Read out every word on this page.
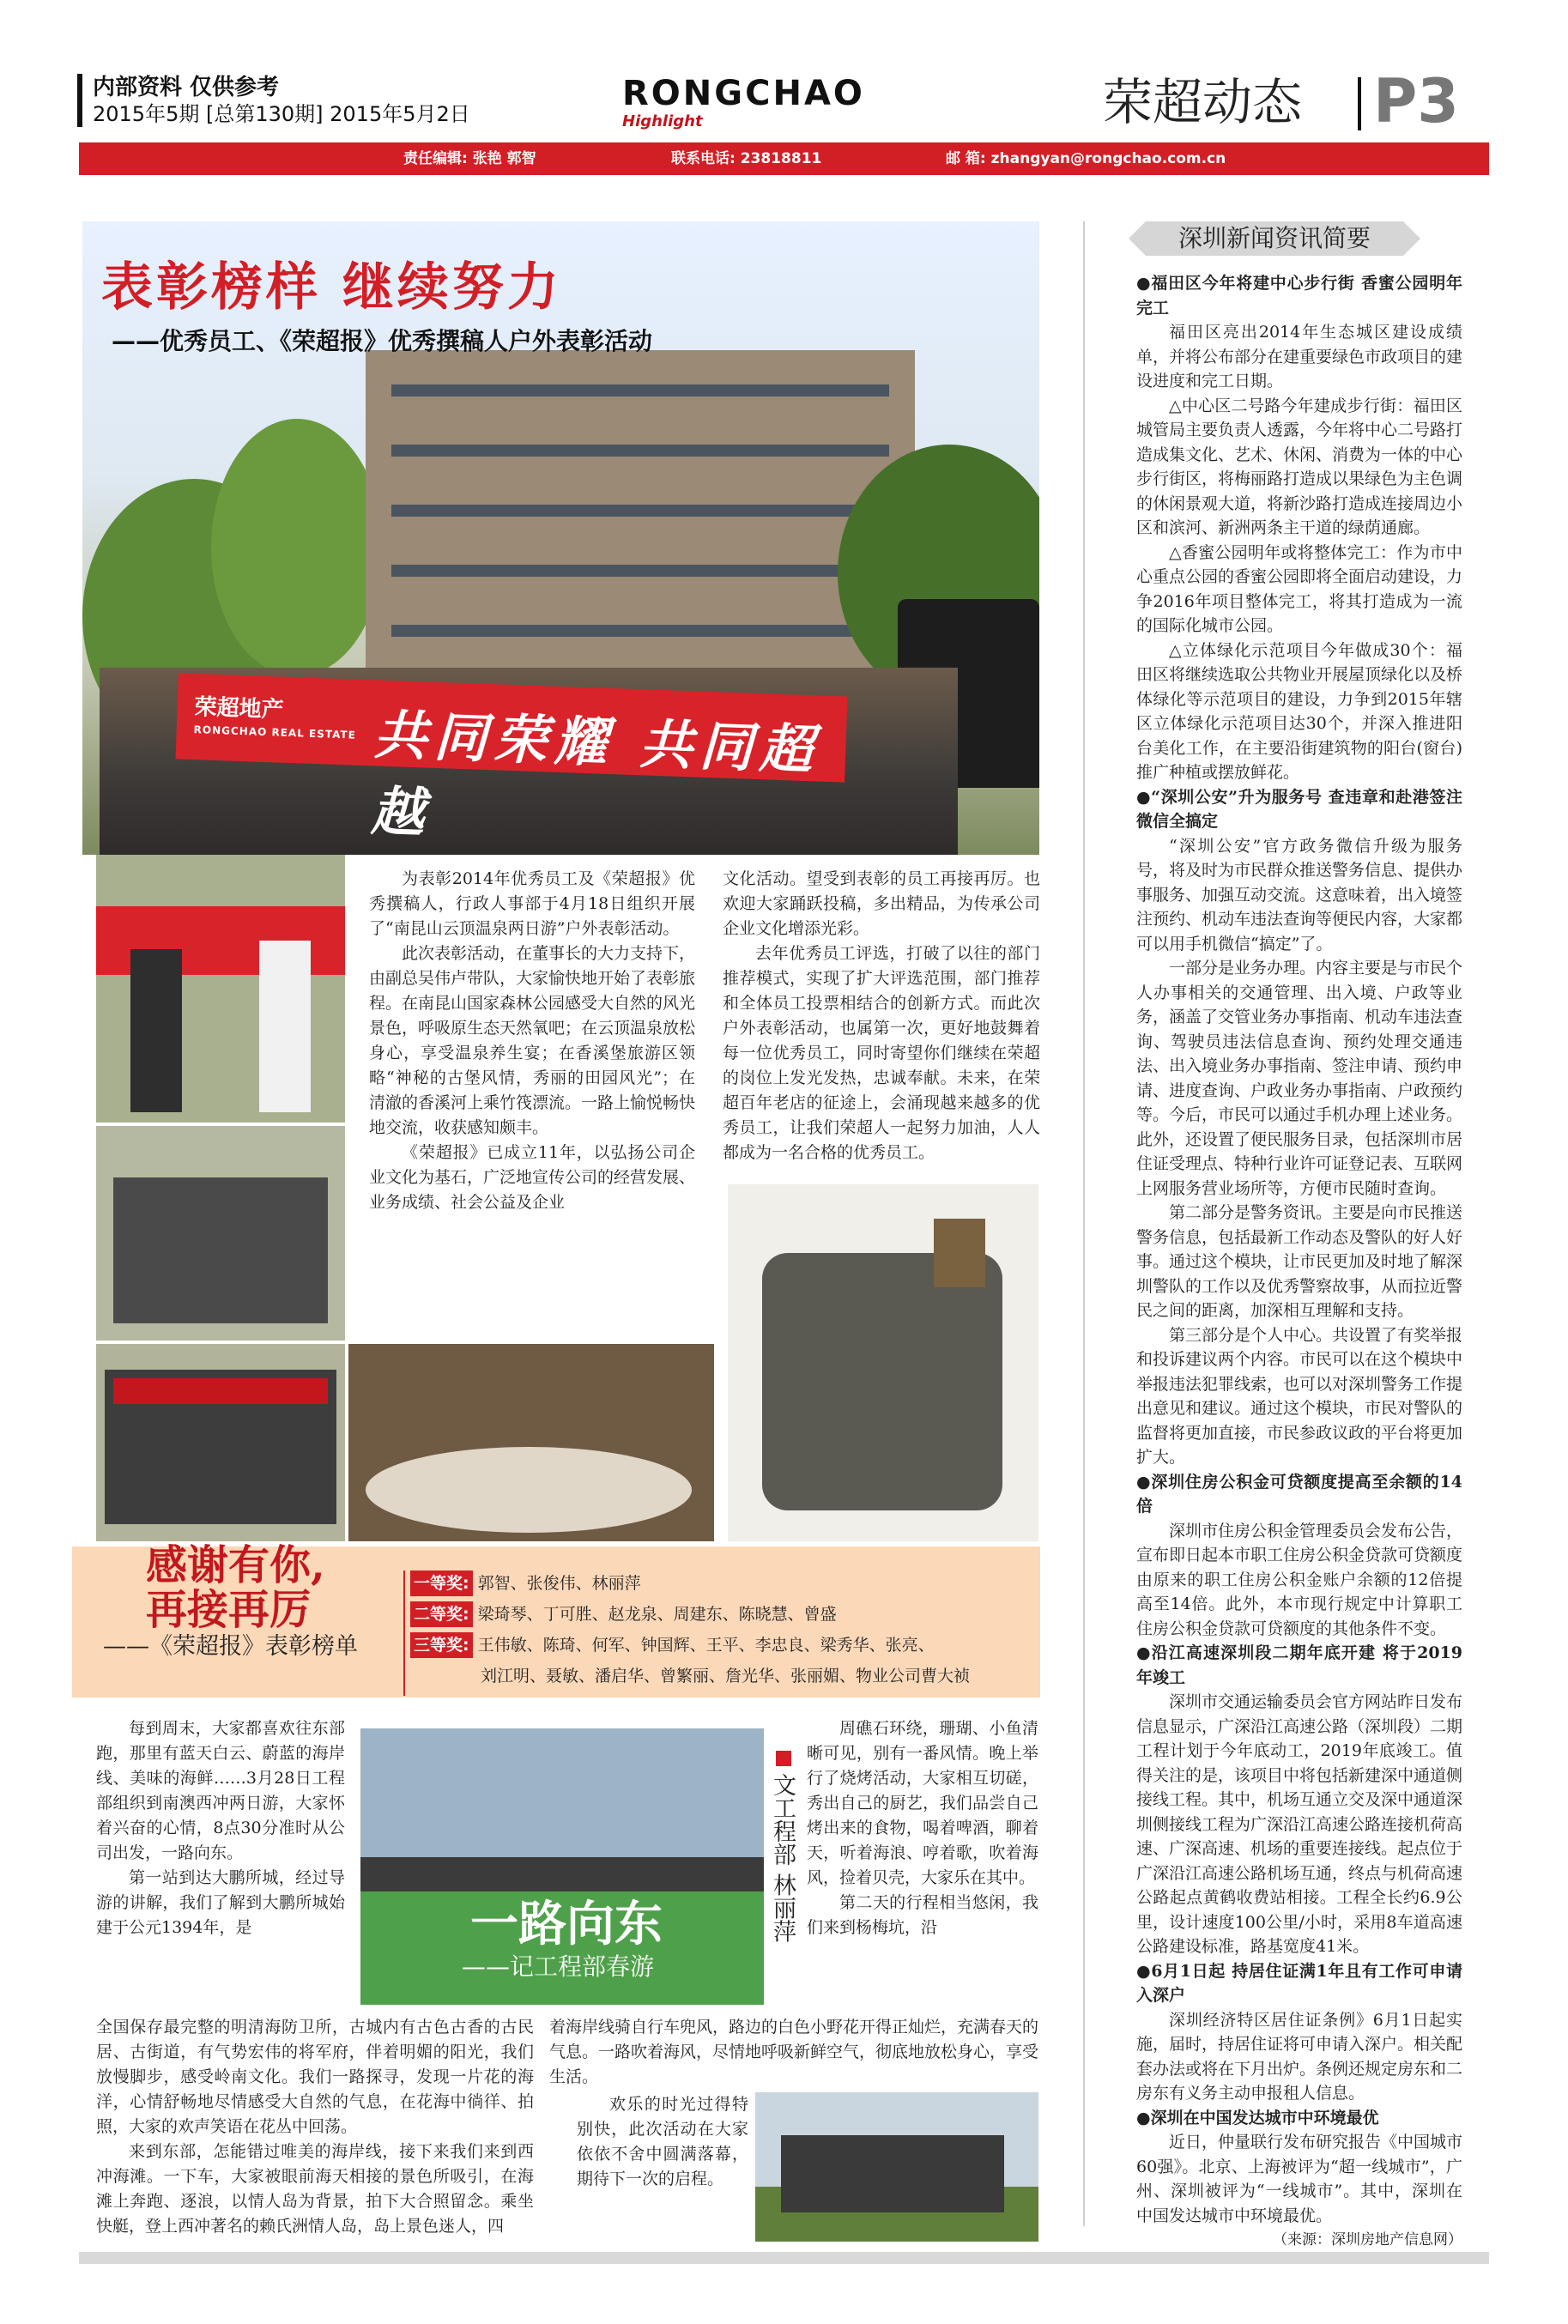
内部资料 仅供参考
2015年5期 [总第130期] 2015年5月2日
RONGCHAO
Highlight	荣超动态	P3
责任编辑: 张艳 郭智	联系电话: 23818811	邮 箱: zhangyan@rongchao.com.cn
荣超地产
RONGCHAO REAL ESTATE 共同荣耀 共同超越
表彰榜样 继续努力
——优秀员工、《荣超报》优秀撰稿人户外表彰活动

为表彰2014年优秀员工及《荣超报》优秀撰稿人，行政人事部于4月18日组织开展了“南昆山云顶温泉两日游”户外表彰活动。

此次表彰活动，在董事长的大力支持下，由副总吴伟卢带队，大家愉快地开始了表彰旅程。在南昆山国家森林公园感受大自然的风光景色，呼吸原生态天然氧吧；在云顶温泉放松身心，享受温泉养生宴；在香溪堡旅游区领略“神秘的古堡风情，秀丽的田园风光”；在清澈的香溪河上乘竹筏漂流。一路上愉悦畅快地交流，收获感知颇丰。

《荣超报》已成立11年，以弘扬公司企业文化为基石，广泛地宣传公司的经营发展、业务成绩、社会公益及企业

文化活动。望受到表彰的员工再接再厉。也欢迎大家踊跃投稿，多出精品，为传承公司企业文化增添光彩。

去年优秀员工评选，打破了以往的部门推荐模式，实现了扩大评选范围，部门推荐和全体员工投票相结合的创新方式。而此次户外表彰活动，也属第一次，更好地鼓舞着每一位优秀员工，同时寄望你们继续在荣超的岗位上发光发热，忠诚奉献。未来，在荣超百年老店的征途上，会涌现越来越多的优秀员工，让我们荣超人一起努力加油，人人都成为一名合格的优秀员工。

感谢有你,
再接再厉
——《荣超报》表彰榜单
一等奖: 郭智、张俊伟、林丽萍
二等奖: 梁琦琴、丁可胜、赵龙泉、周建东、陈晓慧、曾盛
三等奖: 王伟敏、陈琦、何军、钟国辉、王平、李忠良、梁秀华、张亮、
刘江明、聂敏、潘启华、曾繁丽、詹光华、张丽媚、物业公司曹大祯

每到周末，大家都喜欢往东部跑，那里有蓝天白云、蔚蓝的海岸线、美味的海鲜……3月28日工程部组织到南澳西冲两日游，大家怀着兴奋的心情，8点30分准时从公司出发，一路向东。

第一站到达大鹏所城，经过导游的讲解，我们了解到大鹏所城始建于公元1394年，是

全国保存最完整的明清海防卫所，古城内有古色古香的古民居、古街道，有气势宏伟的将军府，伴着明媚的阳光，我们放慢脚步，感受岭南文化。我们一路探寻，发现一片花的海洋，心情舒畅地尽情感受大自然的气息，在花海中徜徉、拍照，大家的欢声笑语在花丛中回荡。

来到东部，怎能错过唯美的海岸线，接下来我们来到西冲海滩。一下车，大家被眼前海天相接的景色所吸引，在海滩上奔跑、逐浪，以情人岛为背景，拍下大合照留念。乘坐快艇，登上西冲著名的赖氏洲情人岛，岛上景色迷人，四

一路向东
——记工程部春游
文工程部 林丽萍

周礁石环绕，珊瑚、小鱼清晰可见，别有一番风情。晚上举行了烧烤活动，大家相互切磋，秀出自己的厨艺，我们品尝自己烤出来的食物，喝着啤酒，聊着天，听着海浪、哼着歌，吹着海风，捡着贝壳，大家乐在其中。

第二天的行程相当悠闲，我们来到杨梅坑，沿

着海岸线骑自行车兜风，路边的白色小野花开得正灿烂，充满春天的气息。一路吹着海风，尽情地呼吸新鲜空气，彻底地放松身心，享受生活。

欢乐的时光过得特别快，此次活动在大家依依不舍中圆满落幕，期待下一次的启程。

深圳新闻资讯简要
●福田区今年将建中心步行街 香蜜公园明年完工

福田区亮出2014年生态城区建设成绩单，并将公布部分在建重要绿色市政项目的建设进度和完工日期。

△中心区二号路今年建成步行街：福田区城管局主要负责人透露，今年将中心二号路打造成集文化、艺术、休闲、消费为一体的中心步行街区，将梅丽路打造成以果绿色为主色调的休闲景观大道，将新沙路打造成连接周边小区和滨河、新洲两条主干道的绿荫通廊。

△香蜜公园明年或将整体完工：作为市中心重点公园的香蜜公园即将全面启动建设，力争2016年项目整体完工，将其打造成为一流的国际化城市公园。

△立体绿化示范项目今年做成30个：福田区将继续选取公共物业开展屋顶绿化以及桥体绿化等示范项目的建设，力争到2015年辖区立体绿化示范项目达30个，并深入推进阳台美化工作，在主要沿街建筑物的阳台(窗台)推广种植或摆放鲜花。

●“深圳公安”升为服务号 查违章和赴港签注微信全搞定

“深圳公安”官方政务微信升级为服务号，将及时为市民群众推送警务信息、提供办事服务、加强互动交流。这意味着，出入境签注预约、机动车违法查询等便民内容，大家都可以用手机微信“搞定”了。

一部分是业务办理。内容主要是与市民个人办事相关的交通管理、出入境、户政等业务，涵盖了交管业务办事指南、机动车违法查询、驾驶员违法信息查询、预约处理交通违法、出入境业务办事指南、签注申请、预约申请、进度查询、户政业务办事指南、户政预约等。今后，市民可以通过手机办理上述业务。此外，还设置了便民服务目录，包括深圳市居住证受理点、特种行业许可证登记表、互联网上网服务营业场所等，方便市民随时查询。

第二部分是警务资讯。主要是向市民推送警务信息，包括最新工作动态及警队的好人好事。通过这个模块，让市民更加及时地了解深圳警队的工作以及优秀警察故事，从而拉近警民之间的距离，加深相互理解和支持。

第三部分是个人中心。共设置了有奖举报和投诉建议两个内容。市民可以在这个模块中举报违法犯罪线索，也可以对深圳警务工作提出意见和建议。通过这个模块，市民对警队的监督将更加直接，市民参政议政的平台将更加扩大。

●深圳住房公积金可贷额度提高至余额的14倍

深圳市住房公积金管理委员会发布公告，宣布即日起本市职工住房公积金贷款可贷额度由原来的职工住房公积金账户余额的12倍提高至14倍。此外，本市现行规定中计算职工住房公积金贷款可贷额度的其他条件不变。

●沿江高速深圳段二期年底开建 将于2019年竣工

深圳市交通运输委员会官方网站昨日发布信息显示，广深沿江高速公路（深圳段）二期工程计划于今年底动工，2019年底竣工。值得关注的是，该项目中将包括新建深中通道侧接线工程。其中，机场互通立交及深中通道深圳侧接线工程为广深沿江高速公路连接机荷高速、广深高速、机场的重要连接线。起点位于广深沿江高速公路机场互通，终点与机荷高速公路起点黄鹤收费站相接。工程全长约6.9公里，设计速度100公里/小时，采用8车道高速公路建设标准，路基宽度41米。

●6月1日起 持居住证满1年且有工作可申请入深户

深圳经济特区居住证条例》6月1日起实施，届时，持居住证将可申请入深户。相关配套办法或将在下月出炉。条例还规定房东和二房东有义务主动申报租人信息。

●深圳在中国发达城市中环境最优

近日，仲量联行发布研究报告《中国城市60强》。北京、上海被评为“超一线城市”，广州、深圳被评为“一线城市”。其中，深圳在中国发达城市中环境最优。

（来源：深圳房地产信息网）
